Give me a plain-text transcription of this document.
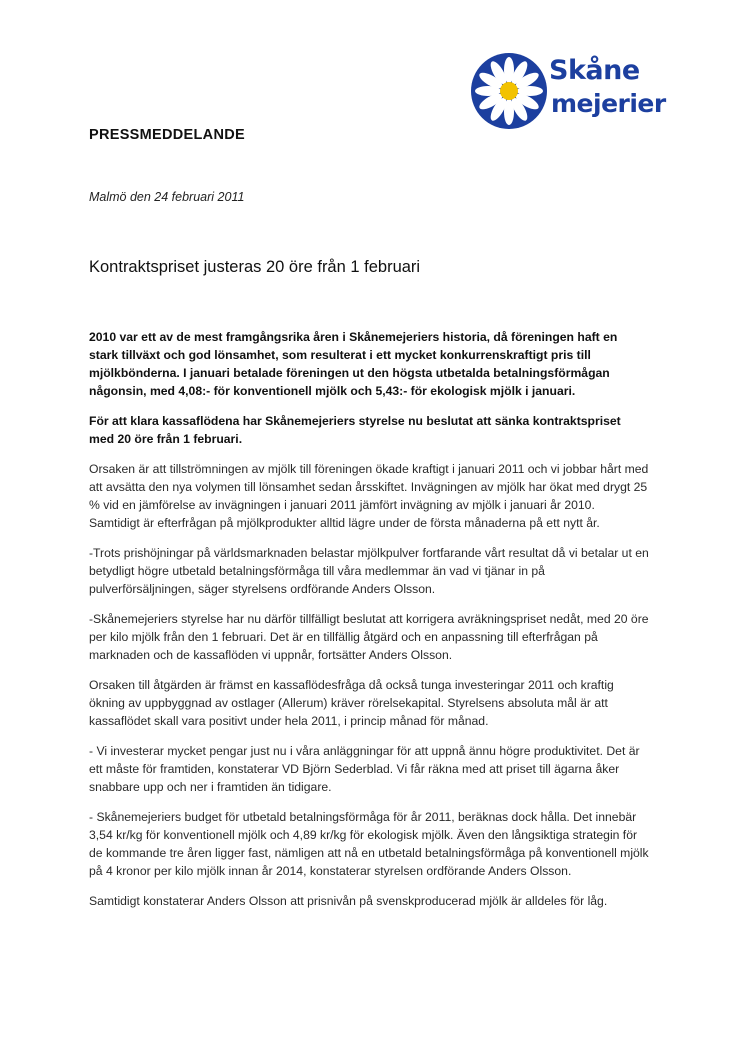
Skåne
mejerier
PRESSMEDDELANDE
Malmö den 24 februari 2011
Kontraktspriset justeras 20 öre från 1 februari

2010 var ett av de mest framgångsrika åren i Skånemejeriers historia, då föreningen haft en stark tillväxt och god lönsamhet, som resulterat i ett mycket konkurrenskraftigt pris till mjölkbönderna. I januari betalade föreningen ut den högsta utbetalda betalningsförmågan någonsin, med 4,08:- för konventionell mjölk och 5,43:- för ekologisk mjölk i januari.

För att klara kassaflödena har Skånemejeriers styrelse nu beslutat att sänka kontraktspriset med 20 öre från 1 februari.

Orsaken är att tillströmningen av mjölk till föreningen ökade kraftigt i januari 2011 och vi jobbar hårt med att avsätta den nya volymen till lönsamhet sedan årsskiftet. Invägningen av mjölk har ökat med drygt 25 % vid en jämförelse av invägningen i januari 2011 jämfört invägning av mjölk i januari år 2010. Samtidigt är efterfrågan på mjölkprodukter alltid lägre under de första månaderna på ett nytt år.

-Trots prishöjningar på världsmarknaden belastar mjölkpulver fortfarande vårt resultat då vi betalar ut en betydligt högre utbetald betalningsförmåga till våra medlemmar än vad vi tjänar in på pulverförsäljningen, säger styrelsens ordförande Anders Olsson.

-Skånemejeriers styrelse har nu därför tillfälligt beslutat att korrigera avräkningspriset nedåt, med 20 öre per kilo mjölk från den 1 februari. Det är en tillfällig åtgärd och en anpassning till efterfrågan på marknaden och de kassaflöden vi uppnår, fortsätter Anders Olsson.

Orsaken till åtgärden är främst en kassaflödesfråga då också tunga investeringar 2011 och kraftig ökning av uppbyggnad av ostlager (Allerum) kräver rörelsekapital. Styrelsens absoluta mål är att kassaflödet skall vara positivt under hela 2011, i princip månad för månad.

- Vi investerar mycket pengar just nu i våra anläggningar för att uppnå ännu högre produktivitet. Det är ett måste för framtiden, konstaterar VD Björn Sederblad. Vi får räkna med att priset till ägarna åker snabbare upp och ner i framtiden än tidigare.

- Skånemejeriers budget för utbetald betalningsförmåga för år 2011, beräknas dock hålla. Det innebär 3,54 kr/kg för konventionell mjölk och 4,89 kr/kg för ekologisk mjölk. Även den långsiktiga strategin för de kommande tre åren ligger fast, nämligen att nå en utbetald betalningsförmåga på konventionell mjölk på 4 kronor per kilo mjölk innan år 2014, konstaterar styrelsen ordförande Anders Olsson.

Samtidigt konstaterar Anders Olsson att prisnivån på svenskproducerad mjölk är alldeles för låg.
